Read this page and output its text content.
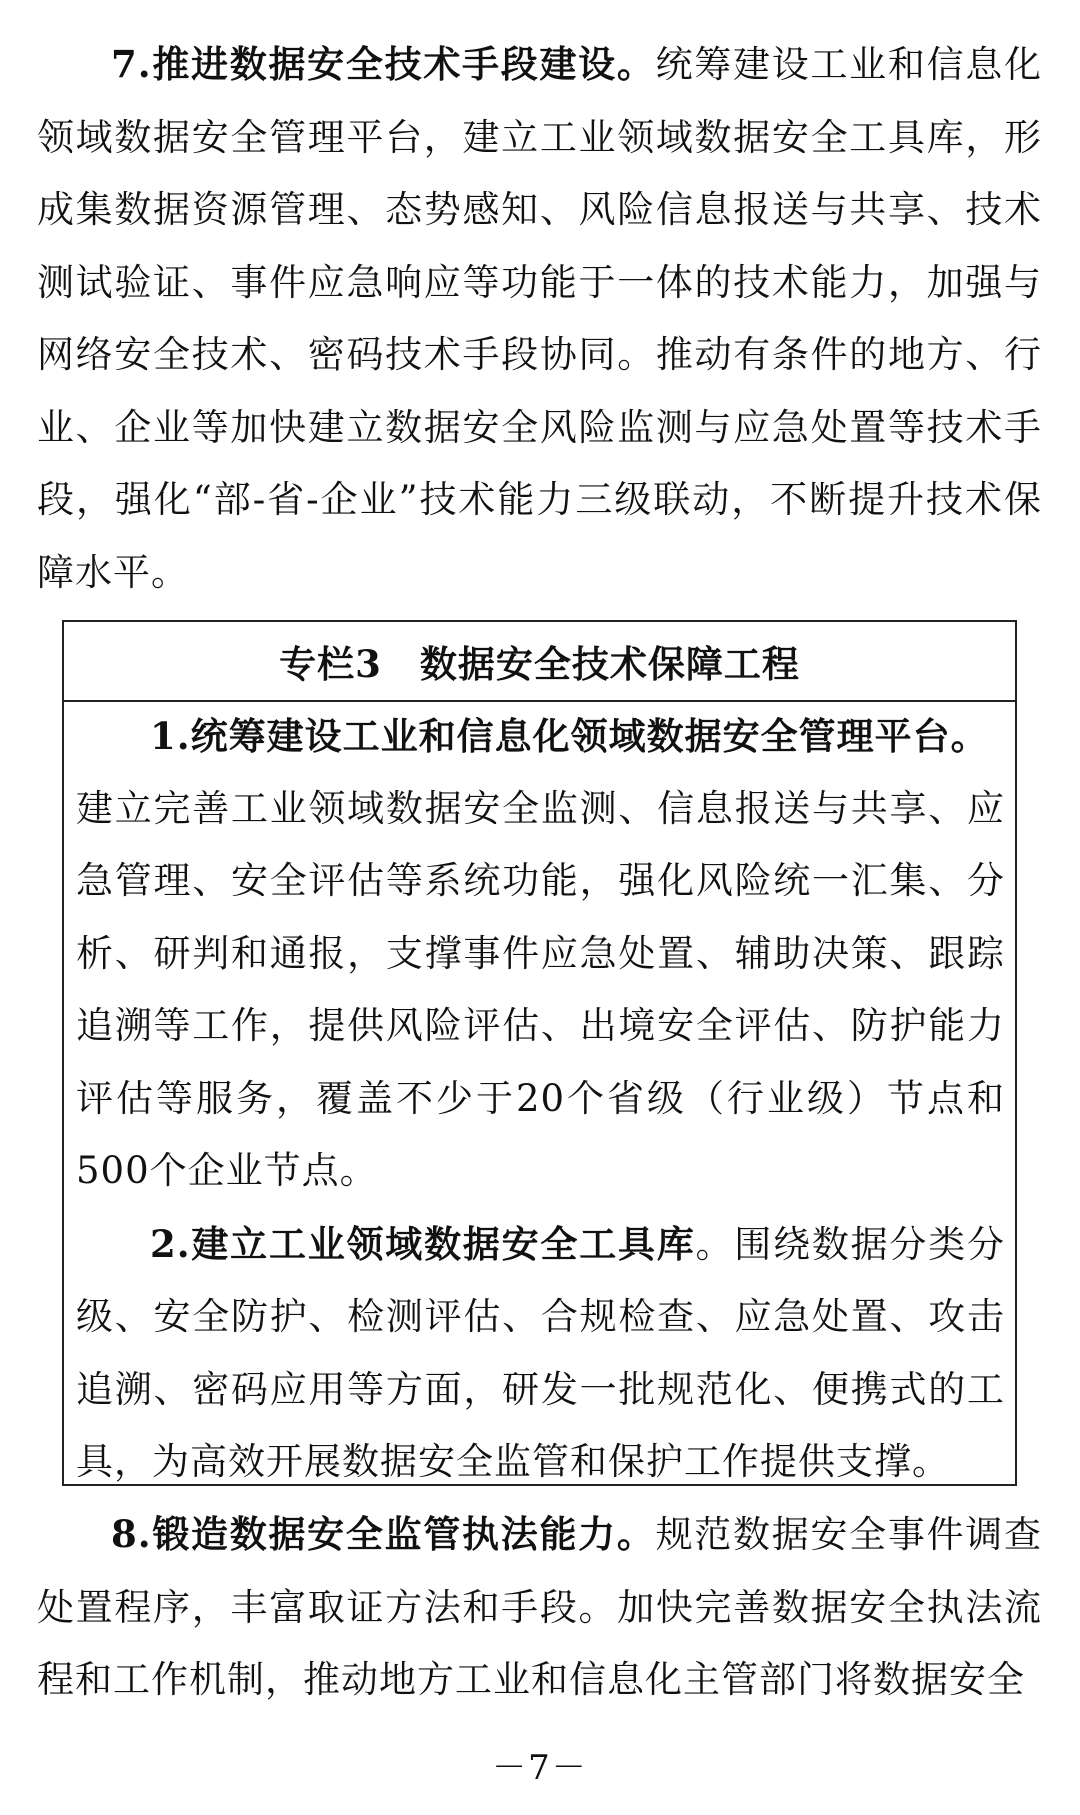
7.推进数据安全技术手段建设。统筹建设工业和信息化领域数据安全管理平台，建立工业领域数据安全工具库，形成集数据资源管理、态势感知、风险信息报送与共享、技术测试验证、事件应急响应等功能于一体的技术能力，加强与网络安全技术、密码技术手段协同。推动有条件的地方、行业、企业等加快建立数据安全风险监测与应急处置等技术手段，强化“部-省-企业”技术能力三级联动，不断提升技术保障水平。

专栏3　数据安全技术保障工程

1.统筹建设工业和信息化领域数据安全管理平台。

建立完善工业领域数据安全监测、信息报送与共享、应急管理、安全评估等系统功能，强化风险统一汇集、分析、研判和通报，支撑事件应急处置、辅助决策、跟踪追溯等工作，提供风险评估、出境安全评估、防护能力评估等服务，覆盖不少于20个省级（行业级）节点和500个企业节点。

2.建立工业领域数据安全工具库。围绕数据分类分级、安全防护、检测评估、合规检查、应急处置、攻击追溯、密码应用等方面，研发一批规范化、便携式的工具，为高效开展数据安全监管和保护工作提供支撑。

8.锻造数据安全监管执法能力。规范数据安全事件调查处置程序，丰富取证方法和手段。加快完善数据安全执法流程和工作机制，推动地方工业和信息化主管部门将数据安全

－7－
